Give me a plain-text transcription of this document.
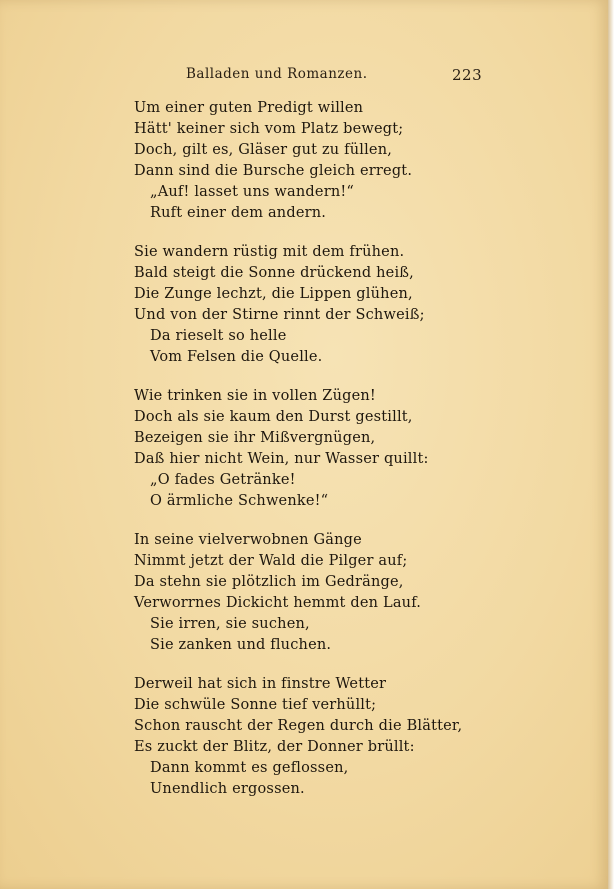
Balladen und Romanzen.	223
Um einer guten Predigt willen
Hätt' keiner sich vom Platz bewegt;
Doch, gilt es, Gläser gut zu füllen,
Dann sind die Bursche gleich erregt.
„Auf! lasset uns wandern!“
Ruft einer dem andern.
Sie wandern rüstig mit dem frühen.
Bald steigt die Sonne drückend heiß,
Die Zunge lechzt, die Lippen glühen,
Und von der Stirne rinnt der Schweiß;
Da rieselt so helle
Vom Felsen die Quelle.
Wie trinken sie in vollen Zügen!
Doch als sie kaum den Durst gestillt,
Bezeigen sie ihr Mißvergnügen,
Daß hier nicht Wein, nur Wasser quillt:
„O fades Getränke!
O ärmliche Schwenke!“
In seine vielverwobnen Gänge
Nimmt jetzt der Wald die Pilger auf;
Da stehn sie plötzlich im Gedränge,
Verworrnes Dickicht hemmt den Lauf.
Sie irren, sie suchen,
Sie zanken und fluchen.
Derweil hat sich in finstre Wetter
Die schwüle Sonne tief verhüllt;
Schon rauscht der Regen durch die Blätter,
Es zuckt der Blitz, der Donner brüllt:
Dann kommt es geflossen,
Unendlich ergossen.
